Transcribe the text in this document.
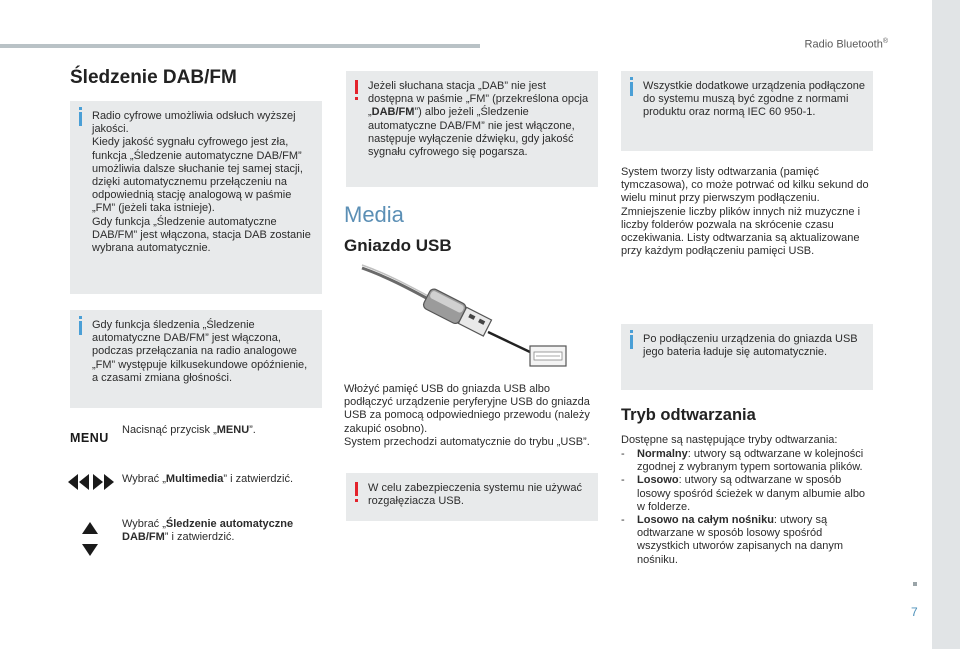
Radio Bluetooth®
7
Śledzenie DAB/FM
Radio cyfrowe umożliwia odsłuch wyższej jakości.
Kiedy jakość sygnału cyfrowego jest zła, funkcja „Śledzenie automatyczne DAB/FM” umożliwia dalsze słuchanie tej samej stacji, dzięki automatycznemu przełączeniu na odpowiednią stację analogową w paśmie „FM” (jeżeli taka istnieje).
Gdy funkcja „Śledzenie automatyczne DAB/FM” jest włączona, stacja DAB zostanie wybrana automatycznie.
Gdy funkcja śledzenia „Śledzenie automatyczne DAB/FM” jest włączona, podczas przełączania na radio analogowe „FM” występuje kilkusekundowe opóźnienie, a czasami zmiana głośności.
MENU
Nacisnąć przycisk „MENU”.
Wybrać „Multimedia” i zatwierdzić.
Wybrać „Śledzenie automatyczne DAB/FM” i zatwierdzić.
Jeżeli słuchana stacja „DAB” nie jest dostępna w paśmie „FM” (przekreślona opcja „DAB/FM”) albo jeżeli „Śledzenie automatyczne DAB/FM” nie jest włączone, następuje wyłączenie dźwięku, gdy jakość sygnału cyfrowego się pogarsza.
Media
Gniazdo USB
Włożyć pamięć USB do gniazda USB albo podłączyć urządzenie peryferyjne USB do gniazda USB za pomocą odpowiedniego przewodu (należy zakupić osobno).
System przechodzi automatycznie do trybu „USB”.
W celu zabezpieczenia systemu nie używać rozgałęziacza USB.
Wszystkie dodatkowe urządzenia podłączone do systemu muszą być zgodne z normami produktu oraz normą IEC 60 950-1.
System tworzy listy odtwarzania (pamięć tymczasowa), co może potrwać od kilku sekund do wielu minut przy pierwszym podłączeniu.
Zmniejszenie liczby plików innych niż muzyczne i liczby folderów pozwala na skrócenie czasu oczekiwania. Listy odtwarzania są aktualizowane przy każdym podłączeniu pamięci USB.
Po podłączeniu urządzenia do gniazda USB jego bateria ładuje się automatycznie.
Tryb odtwarzania
Dostępne są następujące tryby odtwarzania:
- Normalny: utwory są odtwarzane w kolejności zgodnej z wybranym typem sortowania plików.
- Losowo: utwory są odtwarzane w sposób losowy spośród ścieżek w danym albumie albo w folderze.
- Losowo na całym nośniku: utwory są odtwarzane w sposób losowy spośród wszystkich utworów zapisanych na danym nośniku.
